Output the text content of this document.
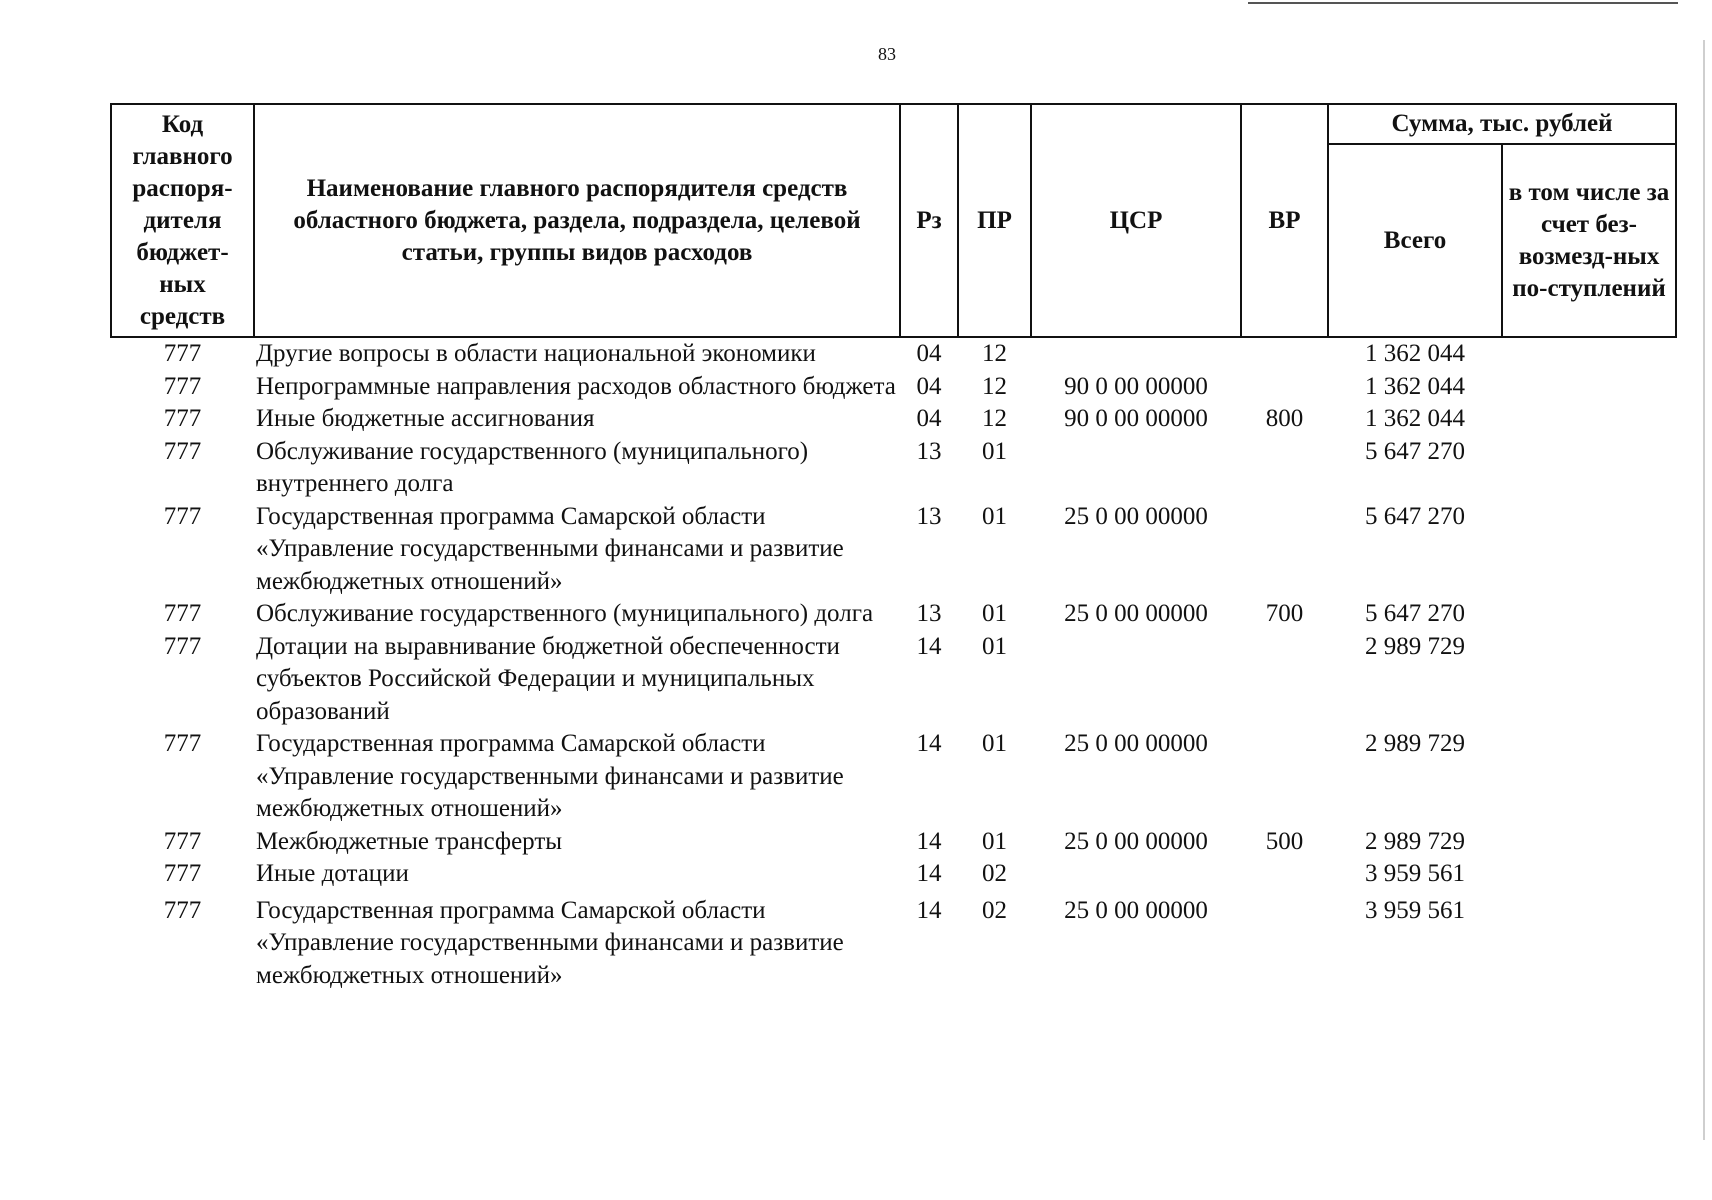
83
Код главного распоря-дителя бюджет-ных средств	Наименование главного распорядителя средств областного бюджета, раздела, подраздела, целевой статьи, группы видов расходов	Рз	ПР	ЦСР	ВР	Сумма, тыс. рублей	
						Всего	в том числе за счет без-возмезд-ных по-ступлений
777	Другие вопросы в области национальной экономики	04	12			1 362 044	
777	Непрограммные направления расходов областного бюджета	04	12	90 0 00 00000		1 362 044	
777	Иные бюджетные ассигнования	04	12	90 0 00 00000	800	1 362 044	
777	Обслуживание государственного (муниципального) внутреннего долга	13	01			5 647 270	
777	Государственная программа Самарской области «Управление государственными финансами и развитие межбюджетных отношений»	13	01	25 0 00 00000		5 647 270	
777	Обслуживание государственного (муниципального) долга	13	01	25 0 00 00000	700	5 647 270	
777	Дотации на выравнивание бюджетной обеспеченности субъектов Российской Федерации и муниципальных образований	14	01			2 989 729	
777	Государственная программа Самарской области «Управление государственными финансами и развитие межбюджетных отношений»	14	01	25 0 00 00000		2 989 729	
777	Межбюджетные трансферты	14	01	25 0 00 00000	500	2 989 729	
777	Иные дотации	14	02			3 959 561	
777	Государственная программа Самарской области «Управление государственными финансами и развитие межбюджетных отношений»	14	02	25 0 00 00000		3 959 561	
